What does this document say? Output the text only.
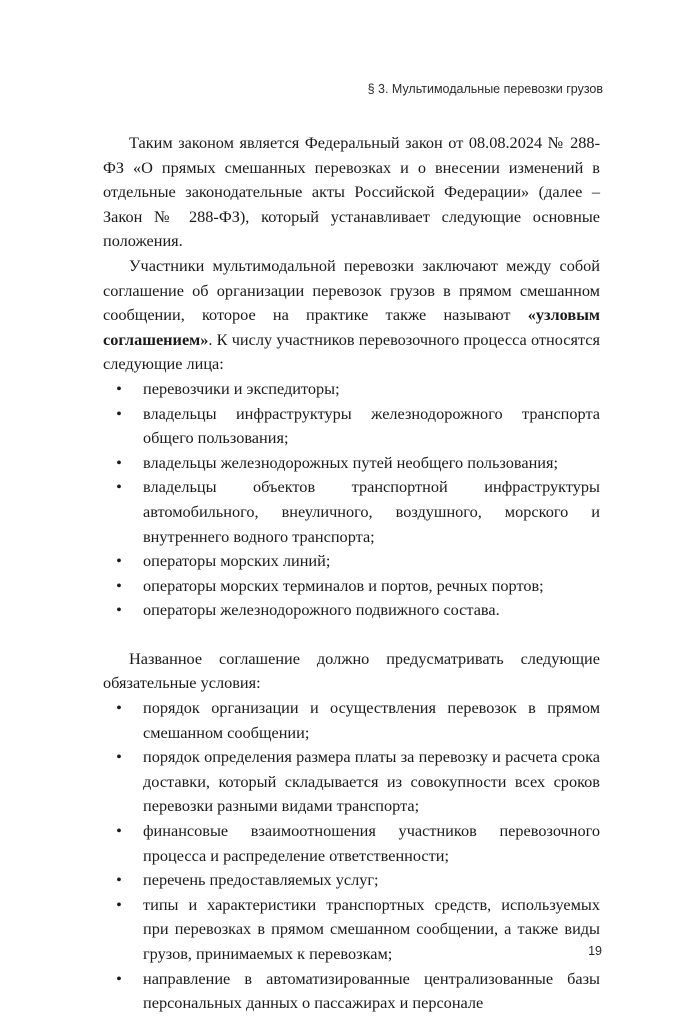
§ 3. Мультимодальные перевозки грузов

Таким законом является Федеральный закон от 08.08.2024 № 288-ФЗ «О прямых смешанных перевозках и о внесении изменений в отдельные законодательные акты Российской Федерации» (далее – Закон № 288-ФЗ), который устанавливает следующие основные положения.

Участники мультимодальной перевозки заключают между собой соглашение об организации перевозок грузов в прямом смешанном сообщении, которое на практике также называют «узловым соглашением». К числу участников перевозочного процесса относятся следующие лица:

• перевозчики и экспедиторы;
• владельцы инфраструктуры железнодорожного транспорта общего пользования;
• владельцы железнодорожных путей необщего пользования;
• владельцы объектов транспортной инфраструктуры автомобильного, внеуличного, воздушного, морского и внутреннего водного транспорта;
• операторы морских линий;
• операторы морских терминалов и портов, речных портов;
• операторы железнодорожного подвижного состава.

Названное соглашение должно предусматривать следующие обязательные условия:

• порядок организации и осуществления перевозок в прямом смешанном сообщении;
• порядок определения размера платы за перевозку и расчета срока доставки, который складывается из совокупности всех сроков перевозки разными видами транспорта;
• финансовые взаимоотношения участников перевозочного процесса и распределение ответственности;
• перечень предоставляемых услуг;
• типы и характеристики транспортных средств, используемых при перевозках в прямом смешанном сообщении, а также виды грузов, принимаемых к перевозкам;
• направление в автоматизированные централизованные базы персональных данных о пассажирах и персонале
19
